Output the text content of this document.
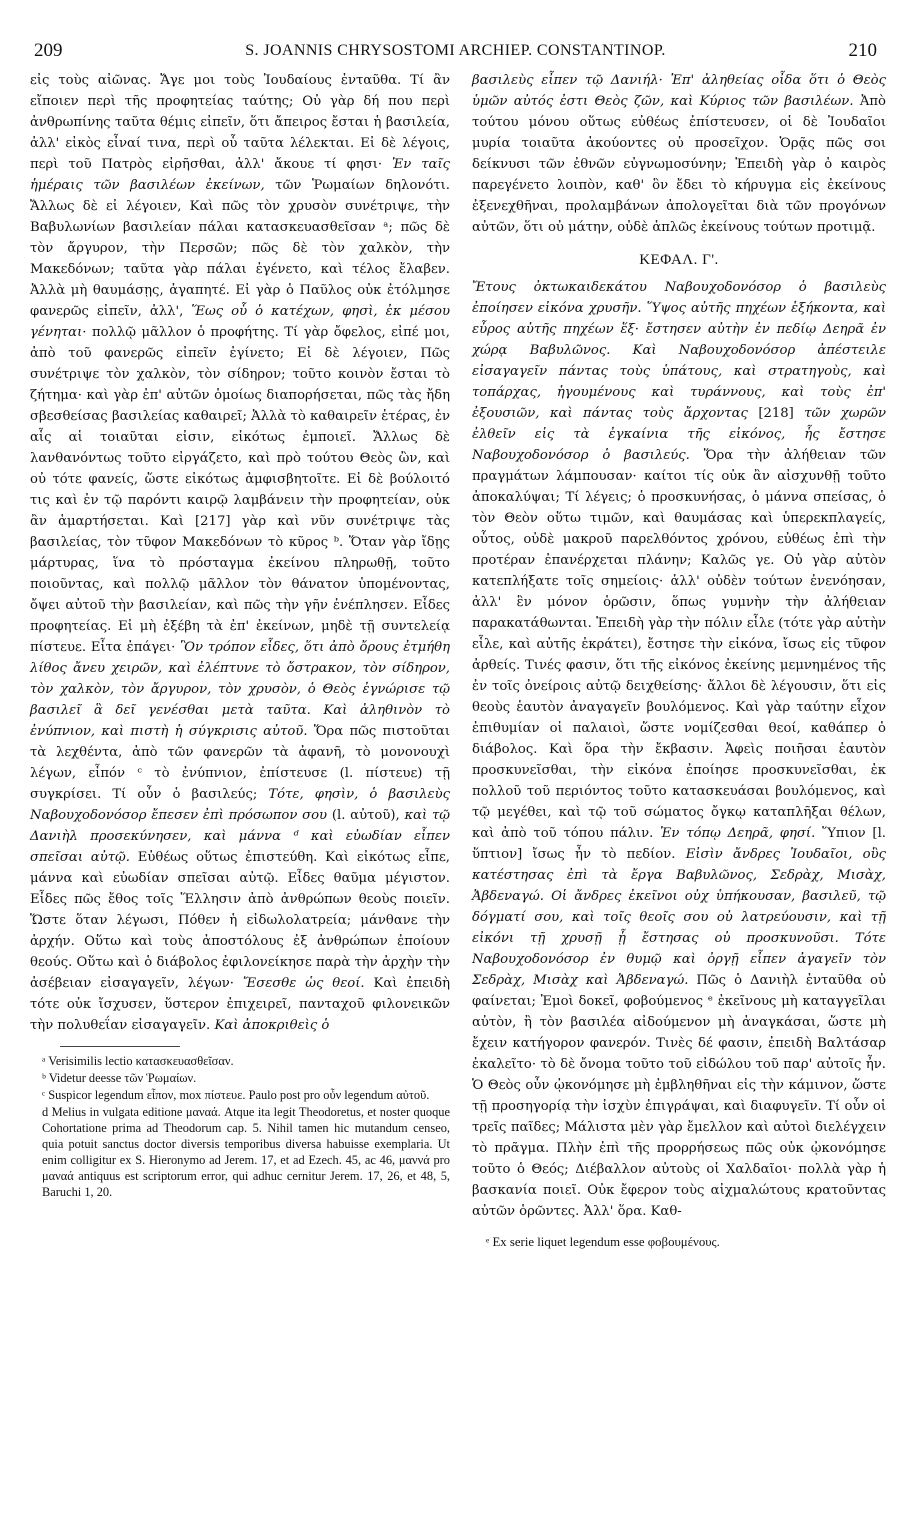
209	S. JOANNIS CHRYSOSTOMI ARCHIEP. CONSTANTINOP.	210

εἰς τοὺς αἰῶνας. Ἄγε μοι τοὺς Ἰουδαίους ἐνταῦθα. Τί ἂν εἴποιεν περὶ τῆς προφητείας ταύτης; Οὐ γὰρ δή που περὶ ἀνθρωπίνης ταῦτα θέμις εἰπεῖν, ὅτι ἄπειρος ἔσται ἡ βασιλεία, ἀλλ' εἰκὸς εἶναί τινα, περὶ οὗ ταῦτα λέλεκται. Εἰ δὲ λέγοις, περὶ τοῦ Πατρὸς εἰρῆσθαι, ἀλλ' ἄκουε τί φησι· Ἐν ταῖς ἡμέραις τῶν βασιλέων ἐκείνων, τῶν Ῥωμαίων δηλονότι. Ἄλλως δὲ εἰ λέγοιεν, Καὶ πῶς τὸν χρυσὸν συνέτριψε, τὴν Βαβυλωνίων βασιλείαν πάλαι κατασκευασθεῖσαν ᵃ; πῶς δὲ τὸν ἄργυρον, τὴν Περσῶν; πῶς δὲ τὸν χαλκὸν, τὴν Μακεδόνων; ταῦτα γὰρ πάλαι ἐγένετο, καὶ τέλος ἔλαβεν. Ἀλλὰ μὴ θαυμάσῃς, ἀγαπητέ. Εἰ γὰρ ὁ Παῦλος οὐκ ἐτόλμησε φανερῶς εἰπεῖν, ἀλλ', Ἕως οὗ ὁ κατέχων, φησὶ, ἐκ μέσου γένηται· πολλῷ μᾶλλον ὁ προφήτης. Τί γὰρ ὄφελος, εἰπέ μοι, ἀπὸ τοῦ φανερῶς εἰπεῖν ἐγίνετο; Εἰ δὲ λέγοιεν, Πῶς συνέτριψε τὸν χαλκὸν, τὸν σίδηρον; τοῦτο κοινὸν ἔσται τὸ ζήτημα· καὶ γὰρ ἐπ' αὐτῶν ὁμοίως διαπορήσεται, πῶς τὰς ἤδη σβεσθείσας βασιλείας καθαιρεῖ; Ἀλλὰ τὸ καθαιρεῖν ἑτέρας, ἐν αἷς αἱ τοιαῦται εἰσιν, εἰκότως ἐμποιεῖ. Ἄλλως δὲ λανθανόντως τοῦτο εἰργάζετο, καὶ πρὸ τούτου Θεὸς ὢν, καὶ οὐ τότε φανείς, ὥστε εἰκότως ἀμφισβητοῖτε. Εἰ δὲ βούλοιτό τις καὶ ἐν τῷ παρόντι καιρῷ λαμβάνειν τὴν προφητείαν, οὐκ ἂν ἁμαρτήσεται. Καὶ [217] γὰρ καὶ νῦν συνέτριψε τὰς βασιλείας, τὸν τῦφον Μακεδόνων τὸ κῦρος ᵇ. Ὅταν γὰρ ἴδῃς μάρτυρας, ἵνα τὸ πρόσταγμα ἐκείνου πληρωθῇ, τοῦτο ποιοῦντας, καὶ πολλῷ μᾶλλον τὸν θάνατον ὑπομένοντας, ὄψει αὐτοῦ τὴν βασιλείαν, καὶ πῶς τὴν γῆν ἐνέπλησεν. Εἶδες προφητείας. Εἰ μὴ ἐξέβη τὰ ἐπ' ἐκείνων, μηδὲ τῇ συντελείᾳ πίστευε. Εἶτα ἐπάγει· Ὃν τρόπον εἶδες, ὅτι ἀπὸ ὄρους ἐτμήθη λίθος ἄνευ χειρῶν, καὶ ἐλέπτυνε τὸ ὄστρακον, τὸν σίδηρον, τὸν χαλκὸν, τὸν ἄργυρον, τὸν χρυσὸν, ὁ Θεὸς ἐγνώρισε τῷ βασιλεῖ ἃ δεῖ γενέσθαι μετὰ ταῦτα. Καὶ ἀληθινὸν τὸ ἐνύπνιον, καὶ πιστὴ ἡ σύγκρισις αὐτοῦ. Ὅρα πῶς πιστοῦται τὰ λεχθέντα, ἀπὸ τῶν φανερῶν τὰ ἀφανῆ, τὸ μονονουχὶ λέγων, εἶπόν ᶜ τὸ ἐνύπνιον, ἐπίστευσε (l. πίστευε) τῇ συγκρίσει. Τί οὖν ὁ βασιλεύς; Τότε, φησὶν, ὁ βασιλεὺς Ναβουχοδονόσορ ἔπεσεν ἐπὶ πρόσωπον σου (l. αὐτοῦ), καὶ τῷ Δανιὴλ προσεκύνησεν, καὶ μάννα ᵈ καὶ εὐωδίαν εἶπεν σπεῖσαι αὐτῷ. Εὐθέως οὕτως ἐπιστεύθη. Καὶ εἰκότως εἶπε, μάννα καὶ εὐωδίαν σπεῖσαι αὐτῷ. Εἶδες θαῦμα μέγιστον. Εἶδες πῶς ἔθος τοῖς Ἕλλησιν ἀπὸ ἀνθρώπων θεοὺς ποιεῖν. Ὥστε ὅταν λέγωσι, Πόθεν ἡ εἰδωλολατρεία; μάνθανε τὴν ἀρχήν. Οὕτω καὶ τοὺς ἀποστόλους ἐξ ἀνθρώπων ἐποίουν θεούς. Οὕτω καὶ ὁ διάβολος ἐφιλονείκησε παρὰ τὴν ἀρχὴν τὴν ἀσέβειαν εἰσαγαγεῖν, λέγων· Ἔσεσθε ὡς θεοί. Καὶ ἐπειδὴ τότε οὐκ ἴσχυσεν, ὕστερον ἐπιχειρεῖ, πανταχοῦ φιλονεικῶν τὴν πολυθεΐαν εἰσαγαγεῖν. Καὶ ἀποκριθεὶς ὁ

ᵃ Verisimilis lectio κατασκευασθεῖσαν.
ᵇ Videtur deesse τῶν Ῥωμαίων.
ᶜ Suspicor legendum εἶπον, mox πίστευε. Paulo post pro οὖν legendum αὐτοῦ.
d Melius in vulgata editione μαναά. Atque ita legit Theodoretus, et noster quoque Cohortatione prima ad Theodorum cap. 5. Nihil tamen hic mutandum censeo, quia potuit sanctus doctor diversis temporibus diversa habuisse exemplaria. Ut enim colligitur ex S. Hieronymo ad Jerem. 17, et ad Ezech. 45, ac 46, μαννά pro μαναά antiquus est scriptorum error, qui adhuc cernitur Jerem. 17, 26, et 48, 5, Baruchi 1, 20.

βασιλεὺς εἶπεν τῷ Δανιήλ· Ἐπ' ἀληθείας οἶδα ὅτι ὁ Θεὸς ὑμῶν αὐτός ἐστι Θεὸς ζῶν, καὶ Κύριος τῶν βασιλέων. Ἀπὸ τούτου μόνου οὕτως εὐθέως ἐπίστευσεν, οἱ δὲ Ἰουδαῖοι μυρία τοιαῦτα ἀκούοντες οὐ προσεῖχον. Ὁρᾷς πῶς σοι δείκνυσι τῶν ἐθνῶν εὐγνωμοσύνην; Ἐπειδὴ γὰρ ὁ καιρὸς παρεγένετο λοιπὸν, καθ' ὃν ἔδει τὸ κήρυγμα εἰς ἐκείνους ἐξενεχθῆναι, προλαμβάνων ἀπολογεῖται διὰ τῶν προγόνων αὐτῶν, ὅτι οὐ μάτην, οὐδὲ ἁπλῶς ἐκείνους τούτων προτιμᾷ.

ΚΕΦΑΛ. Γ'.

Ἔτους ὀκτωκαιδεκάτου Ναβουχοδονόσορ ὁ βασιλεὺς ἐποίησεν εἰκόνα χρυσῆν. Ὕψος αὐτῆς πηχέων ἑξήκοντα, καὶ εὖρος αὐτῆς πηχέων ἕξ· ἔστησεν αὐτὴν ἐν πεδίῳ Δεηρᾶ ἐν χώρᾳ Βαβυλῶνος. Καὶ Ναβουχοδονόσορ ἀπέστειλε εἰσαγαγεῖν πάντας τοὺς ὑπάτους, καὶ στρατηγοὺς, καὶ τοπάρχας, ἡγουμένους καὶ τυράννους, καὶ τοὺς ἐπ' ἐξουσιῶν, καὶ πάντας τοὺς ἄρχοντας [218] τῶν χωρῶν ἐλθεῖν εἰς τὰ ἐγκαίνια τῆς εἰκόνος, ἧς ἔστησε Ναβουχοδονόσορ ὁ βασιλεύς. Ὅρα τὴν ἀλήθειαν τῶν πραγμάτων λάμπουσαν· καίτοι τίς οὐκ ἂν αἰσχυνθῇ τοῦτο ἀποκαλύψαι; Τί λέγεις; ὁ προσκυνήσας, ὁ μάννα σπείσας, ὁ τὸν Θεὸν οὕτω τιμῶν, καὶ θαυμάσας καὶ ὑπερεκπλαγείς, οὗτος, οὐδὲ μακροῦ παρελθόντος χρόνου, εὐθέως ἐπὶ τὴν προτέραν ἐπανέρχεται πλάνην; Καλῶς γε. Οὐ γὰρ αὐτὸν κατεπλήξατε τοῖς σημείοις· ἀλλ' οὐδὲν τούτων ἐνενόησαν, ἀλλ' ἓν μόνον ὁρῶσιν, ὅπως γυμνὴν τὴν ἀλήθειαν παρακατάθωνται. Ἐπειδὴ γὰρ τὴν πόλιν εἷλε (τότε γὰρ αὐτὴν εἷλε, καὶ αὐτῆς ἐκράτει), ἔστησε τὴν εἰκόνα, ἴσως εἰς τῦφον ἀρθείς. Τινές φασιν, ὅτι τῆς εἰκόνος ἐκείνης μεμνημένος τῆς ἐν τοῖς ὀνείροις αὐτῷ δειχθείσης· ἄλλοι δὲ λέγουσιν, ὅτι εἰς θεοὺς ἑαυτὸν ἀναγαγεῖν βουλόμενος. Καὶ γὰρ ταύτην εἶχον ἐπιθυμίαν οἱ παλαιοὶ, ὥστε νομίζεσθαι θεοί, καθάπερ ὁ διάβολος. Καὶ ὅρα τὴν ἔκβασιν. Ἀφεὶς ποιῆσαι ἑαυτὸν προσκυνεῖσθαι, τὴν εἰκόνα ἐποίησε προσκυνεῖσθαι, ἐκ πολλοῦ τοῦ περιόντος τοῦτο κατασκευάσαι βουλόμενος, καὶ τῷ μεγέθει, καὶ τῷ τοῦ σώματος ὄγκῳ καταπλῆξαι θέλων, καὶ ἀπὸ τοῦ τόπου πάλιν. Ἐν τόπῳ Δεηρᾶ, φησί. Ὕπιον [l. ὕπτιον] ἴσως ἦν τὸ πεδίον. Εἰσὶν ἄνδρες Ἰουδαῖοι, οὓς κατέστησας ἐπὶ τὰ ἔργα Βαβυλῶνος, Σεδρὰχ, Μισὰχ, Ἀβδεναγώ. Οἱ ἄνδρες ἐκεῖνοι οὐχ ὑπήκουσαν, βασιλεῦ, τῷ δόγματί σου, καὶ τοῖς θεοῖς σου οὐ λατρεύουσιν, καὶ τῇ εἰκόνι τῇ χρυσῇ ᾗ ἔστησας οὐ προσκυνοῦσι. Τότε Ναβουχοδονόσορ ἐν θυμῷ καὶ ὀργῇ εἶπεν ἀγαγεῖν τὸν Σεδρὰχ, Μισὰχ καὶ Ἀβδεναγώ. Πῶς ὁ Δανιὴλ ἐνταῦθα οὐ φαίνεται; Ἐμοὶ δοκεῖ, φοβούμενος ᵉ ἐκεῖνους μὴ καταγγεῖλαι αὐτὸν, ἢ τὸν βασιλέα αἰδούμενον μὴ ἀναγκάσαι, ὥστε μὴ ἔχειν κατήγορον φανερόν. Τινὲς δέ φασιν, ἐπειδὴ Βαλτάσαρ ἐκαλεῖτο· τὸ δὲ ὄνομα τοῦτο τοῦ εἰδώλου τοῦ παρ' αὐτοῖς ἦν. Ὁ Θεὸς οὖν ᾠκονόμησε μὴ ἐμβληθῆναι εἰς τὴν κάμινον, ὥστε τῇ προσηγορίᾳ τὴν ἰσχὺν ἐπιγράψαι, καὶ διαφυγεῖν. Τί οὖν οἱ τρεῖς παῖδες; Μάλιστα μὲν γὰρ ἔμελλον καὶ αὐτοὶ διελέγχειν τὸ πρᾶγμα. Πλὴν ἐπὶ τῆς προρρήσεως πῶς οὐκ ᾠκονόμησε τοῦτο ὁ Θεός; Διέβαλλον αὐτοὺς οἱ Χαλδαῖοι· πολλὰ γὰρ ἡ βασκανία ποιεῖ. Οὐκ ἔφερον τοὺς αἰχμαλώτους κρατοῦντας αὐτῶν ὁρῶντες. Ἀλλ' ὅρα. Καθ-

ᵉ Ex serie liquet legendum esse φοβουμένους.
